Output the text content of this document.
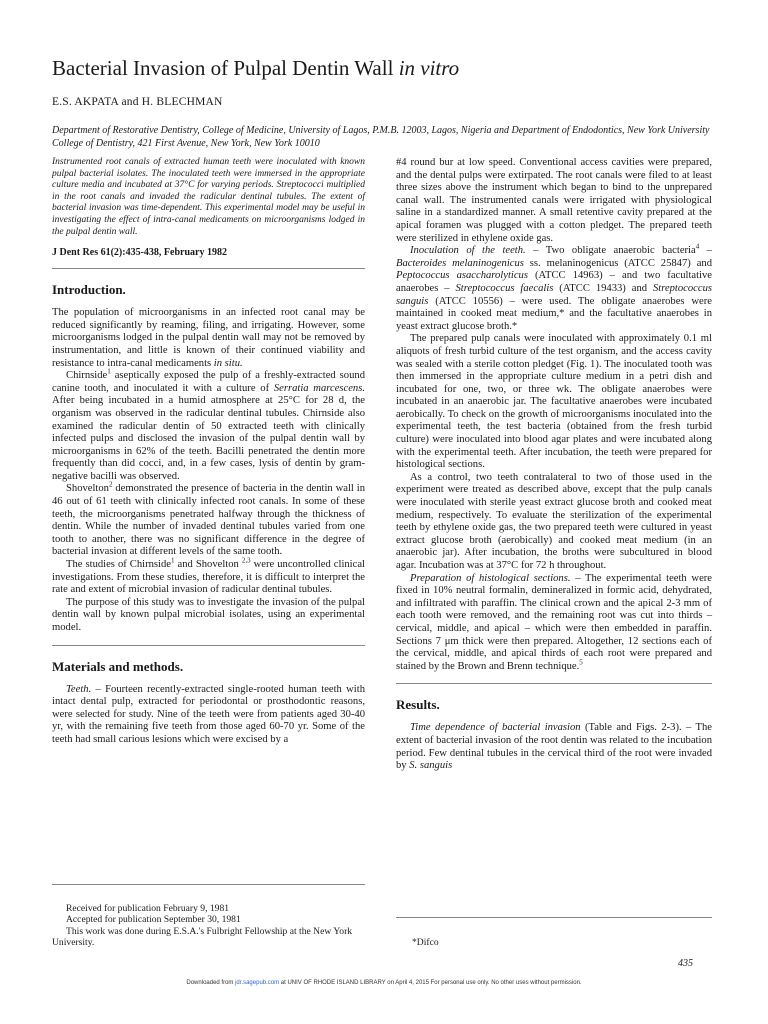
Bacterial Invasion of Pulpal Dentin Wall in vitro
E.S. AKPATA and H. BLECHMAN
Department of Restorative Dentistry, College of Medicine, University of Lagos, P.M.B. 12003, Lagos, Nigeria and Department of Endodontics, New York University College of Dentistry, 421 First Avenue, New York, New York 10010
Instrumented root canals of extracted human teeth were inoculated with known pulpal bacterial isolates. The inoculated teeth were immersed in the appropriate culture media and incubated at 37°C for varying periods. Streptococci multiplied in the root canals and invaded the radicular dentinal tubules. The extent of bacterial invasion was time-dependent. This experimental model may be useful in investigating the effect of intra-canal medicaments on microorganisms lodged in the pulpal dentin wall.
J Dent Res 61(2):435-438, February 1982
Introduction.

The population of microorganisms in an infected root canal may be reduced significantly by reaming, filing, and irrigating. However, some microorganisms lodged in the pulpal dentin wall may not be removed by instrumentation, and little is known of their continued viability and resistance to intra-canal medicaments in situ.

Chirnside$^1$ aseptically exposed the pulp of a freshly-extracted sound canine tooth, and inoculated it with a culture of Serratia marcescens. After being incubated in a humid atmosphere at 25°C for 28 d, the organism was observed in the radicular dentinal tubules. Chirnside also examined the radicular dentin of 50 extracted teeth with clinically infected pulps and disclosed the invasion of the pulpal dentin wall by microorganisms in 62% of the teeth. Bacilli penetrated the dentin more frequently than did cocci, and, in a few cases, lysis of dentin by gram-negative bacilli was observed.

Shovelton$^2$ demonstrated the presence of bacteria in the dentin wall in 46 out of 61 teeth with clinically infected root canals. In some of these teeth, the microorganisms penetrated halfway through the thickness of dentin. While the number of invaded dentinal tubules varied from one tooth to another, there was no significant difference in the degree of bacterial invasion at different levels of the same tooth.

The studies of Chirnside$^1$ and Shovelton $^{2,3}$ were uncontrolled clinical investigations. From these studies, therefore, it is difficult to interpret the rate and extent of microbial invasion of radicular dentinal tubules.

The purpose of this study was to investigate the invasion of the pulpal dentin wall by known pulpal microbial isolates, using an experimental model.

Materials and methods.

Teeth. – Fourteen recently-extracted single-rooted human teeth with intact dental pulp, extracted for periodontal or prosthodontic reasons, were selected for study. Nine of the teeth were from patients aged 30-40 yr, with the remaining five teeth from those aged 60-70 yr. Some of the teeth had small carious lesions which were excised by a

#4 round bur at low speed. Conventional access cavities were prepared, and the dental pulps were extirpated. The root canals were filed to at least three sizes above the instrument which began to bind to the unprepared canal wall. The instrumented canals were irrigated with physiological saline in a standardized manner. A small retentive cavity prepared at the apical foramen was plugged with a cotton pledget. The prepared teeth were sterilized in ethylene oxide gas.

Inoculation of the teeth. – Two obligate anaerobic bacteria$^4$ – Bacteroides melaninogenicus ss. melaninogenicus (ATCC 25847) and Peptococcus asaccharolyticus (ATCC 14963) – and two facultative anaerobes – Streptococcus faecalis (ATCC 19433) and Streptococcus sanguis (ATCC 10556) – were used. The obligate anaerobes were maintained in cooked meat medium,* and the facultative anaerobes in yeast extract glucose broth.*

The prepared pulp canals were inoculated with approximately 0.1 ml aliquots of fresh turbid culture of the test organism, and the access cavity was sealed with a sterile cotton pledget (Fig. 1). The inoculated tooth was then immersed in the appropriate culture medium in a petri dish and incubated for one, two, or three wk. The obligate anaerobes were incubated in an anaerobic jar. The facultative anaerobes were incubated aerobically. To check on the growth of microorganisms inoculated into the experimental teeth, the test bacteria (obtained from the fresh turbid culture) were inoculated into blood agar plates and were incubated along with the experimental teeth. After incubation, the teeth were prepared for histological sections.

As a control, two teeth contralateral to two of those used in the experiment were treated as described above, except that the pulp canals were inoculated with sterile yeast extract glucose broth and cooked meat medium, respectively. To evaluate the sterilization of the experimental teeth by ethylene oxide gas, the two prepared teeth were cultured in yeast extract glucose broth (aerobically) and cooked meat medium (in an anaerobic jar). After incubation, the broths were subcultured in blood agar. Incubation was at 37°C for 72 h throughout.

Preparation of histological sections. – The experimental teeth were fixed in 10% neutral formalin, demineralized in formic acid, dehydrated, and infiltrated with paraffin. The clinical crown and the apical 2-3 mm of each tooth were removed, and the remaining root was cut into thirds – cervical, middle, and apical – which were then embedded in paraffin. Sections 7 μm thick were then prepared. Altogether, 12 sections each of the cervical, middle, and apical thirds of each root were prepared and stained by the Brown and Brenn technique.$^5$

Results.

Time dependence of bacterial invasion (Table and Figs. 2-3). – The extent of bacterial invasion of the root dentin was related to the incubation period. Few dentinal tubules in the cervical third of the root were invaded by S. sanguis

Received for publication February 9, 1981
Accepted for publication September 30, 1981
This work was done during E.S.A.'s Fulbright Fellowship at the New York University.	*Difco
435
Downloaded from jdr.sagepub.com at UNIV OF RHODE ISLAND LIBRARY on April 4, 2015 For personal use only. No other uses without permission.
